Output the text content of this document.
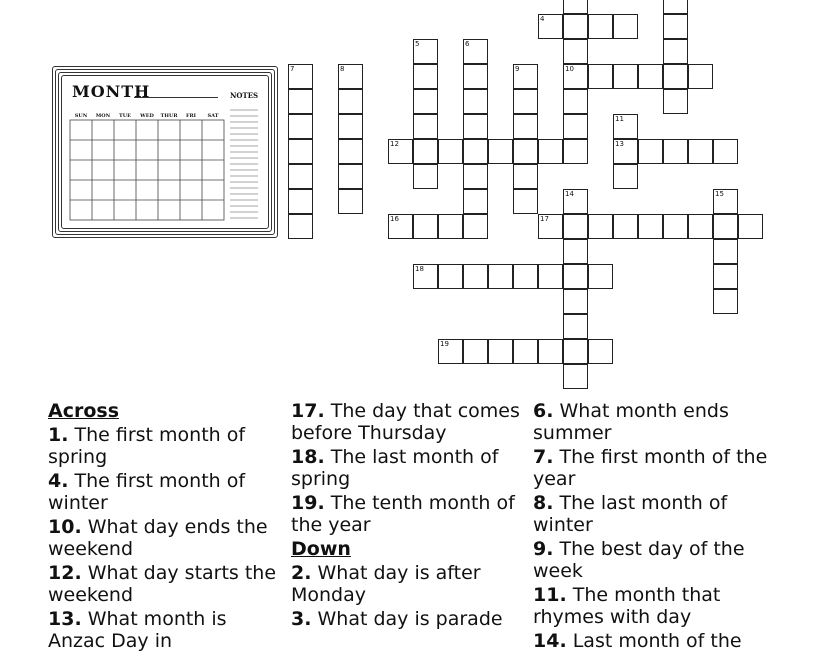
4
5	6
7	8	9	10
11
12	13
14	15
16	17
18
19
MONTH	NOTES
SUN	MON	TUE	WED	THUR	FRI	SAT
Across
1. The first month of spring
4. The first month of winter
10. What day ends the weekend
12. What day starts the weekend
13. What month is Anzac Day in
17. The day that comes before Thursday
18. The last month of spring
19. The tenth month of the year
Down
2. What day is after Monday
3. What day is parade
6. What month ends summer
7. The first month of the year
8. The last month of winter
9. The best day of the week
11. The month that rhymes with day
14. Last month of the
